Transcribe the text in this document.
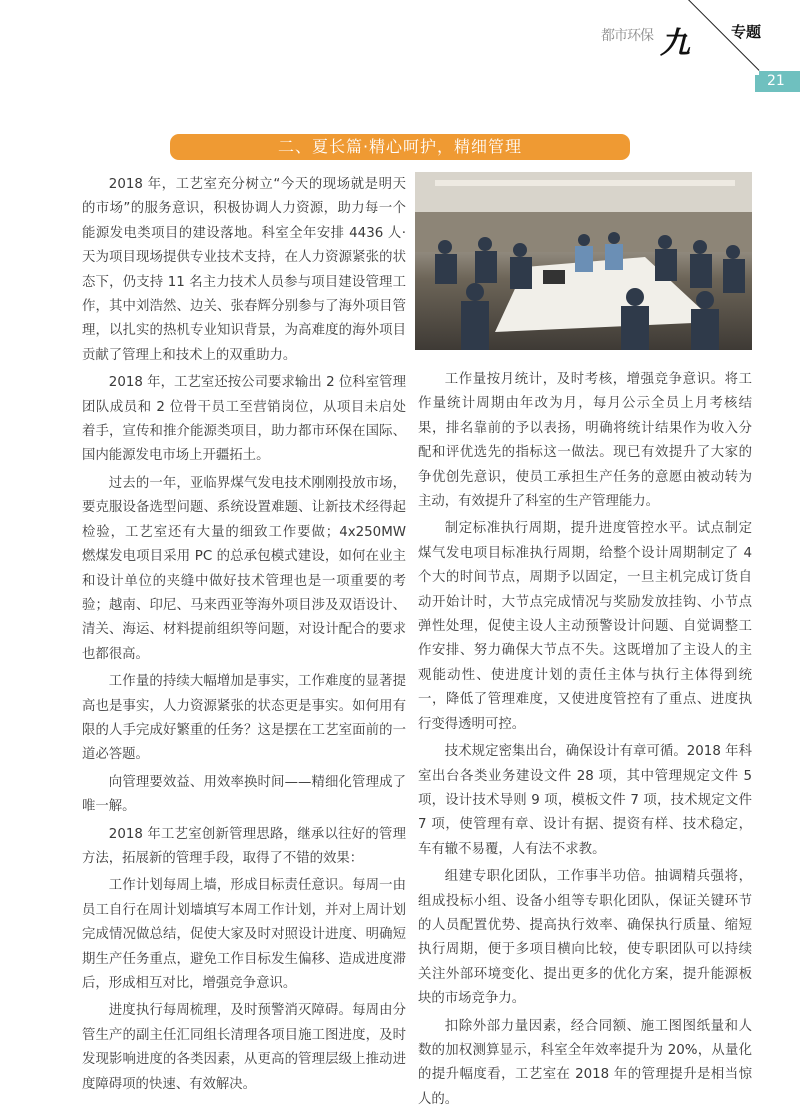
都市环保 九	专题
21
二、夏长篇·精心呵护，精细管理

2018 年，工艺室充分树立“今天的现场就是明天的市场”的服务意识，积极协调人力资源，助力每一个能源发电类项目的建设落地。科室全年安排 4436 人·天为项目现场提供专业技术支持，在人力资源紧张的状态下，仍支持 11 名主力技术人员参与项目建设管理工作，其中刘浩然、边关、张春辉分别参与了海外项目管理，以扎实的热机专业知识背景，为高难度的海外项目贡献了管理上和技术上的双重助力。

2018 年，工艺室还按公司要求输出 2 位科室管理团队成员和 2 位骨干员工至营销岗位，从项目未启处着手，宣传和推介能源类项目，助力都市环保在国际、国内能源发电市场上开疆拓土。

过去的一年，亚临界煤气发电技术刚刚投放市场，要克服设备选型问题、系统设置难题、让新技术经得起检验，工艺室还有大量的细致工作要做；4x250MW 燃煤发电项目采用 PC 的总承包模式建设，如何在业主和设计单位的夹缝中做好技术管理也是一项重要的考验；越南、印尼、马来西亚等海外项目涉及双语设计、清关、海运、材料提前组织等问题，对设计配合的要求也都很高。

工作量的持续大幅增加是事实，工作难度的显著提高也是事实，人力资源紧张的状态更是事实。如何用有限的人手完成好繁重的任务？这是摆在工艺室面前的一道必答题。

向管理要效益、用效率换时间——精细化管理成了唯一解。

2018 年工艺室创新管理思路，继承以往好的管理方法，拓展新的管理手段，取得了不错的效果：

工作计划每周上墙，形成目标责任意识。每周一由员工自行在周计划墙填写本周工作计划，并对上周计划完成情况做总结，促使大家及时对照设计进度、明确短期生产任务重点，避免工作目标发生偏移、造成进度滞后，形成相互对比，增强竞争意识。

进度执行每周梳理，及时预警消灭障碍。每周由分管生产的副主任汇同组长清理各项目施工图进度，及时发现影响进度的各类因素，从更高的管理层级上推动进度障碍项的快速、有效解决。

工作量按月统计，及时考核，增强竞争意识。将工作量统计周期由年改为月，每月公示全员上月考核结果，排名靠前的予以表扬，明确将统计结果作为收入分配和评优选先的指标这一做法。现已有效提升了大家的争优创先意识，使员工承担生产任务的意愿由被动转为主动，有效提升了科室的生产管理能力。

制定标准执行周期，提升进度管控水平。试点制定煤气发电项目标准执行周期，给整个设计周期制定了 4 个大的时间节点，周期予以固定，一旦主机完成订货自动开始计时，大节点完成情况与奖励发放挂钩、小节点弹性处理，促使主设人主动预警设计问题、自觉调整工作安排、努力确保大节点不失。这既增加了主设人的主观能动性、使进度计划的责任主体与执行主体得到统一，降低了管理难度，又使进度管控有了重点、进度执行变得透明可控。

技术规定密集出台，确保设计有章可循。2018 年科室出台各类业务建设文件 28 项，其中管理规定文件 5 项，设计技术导则 9 项，模板文件 7 项，技术规定文件 7 项，使管理有章、设计有据、提资有样、技术稳定，车有辙不易覆，人有法不求教。

组建专职化团队，工作事半功倍。抽调精兵强将，组成投标小组、设备小组等专职化团队，保证关键环节的人员配置优势、提高执行效率、确保执行质量、缩短执行周期，便于多项目横向比较，使专职团队可以持续关注外部环境变化、提出更多的优化方案，提升能源板块的市场竞争力。

扣除外部力量因素，经合同额、施工图图纸量和人数的加权测算显示，科室全年效率提升为 20%，从量化的提升幅度看，工艺室在 2018 年的管理提升是相当惊人的。
